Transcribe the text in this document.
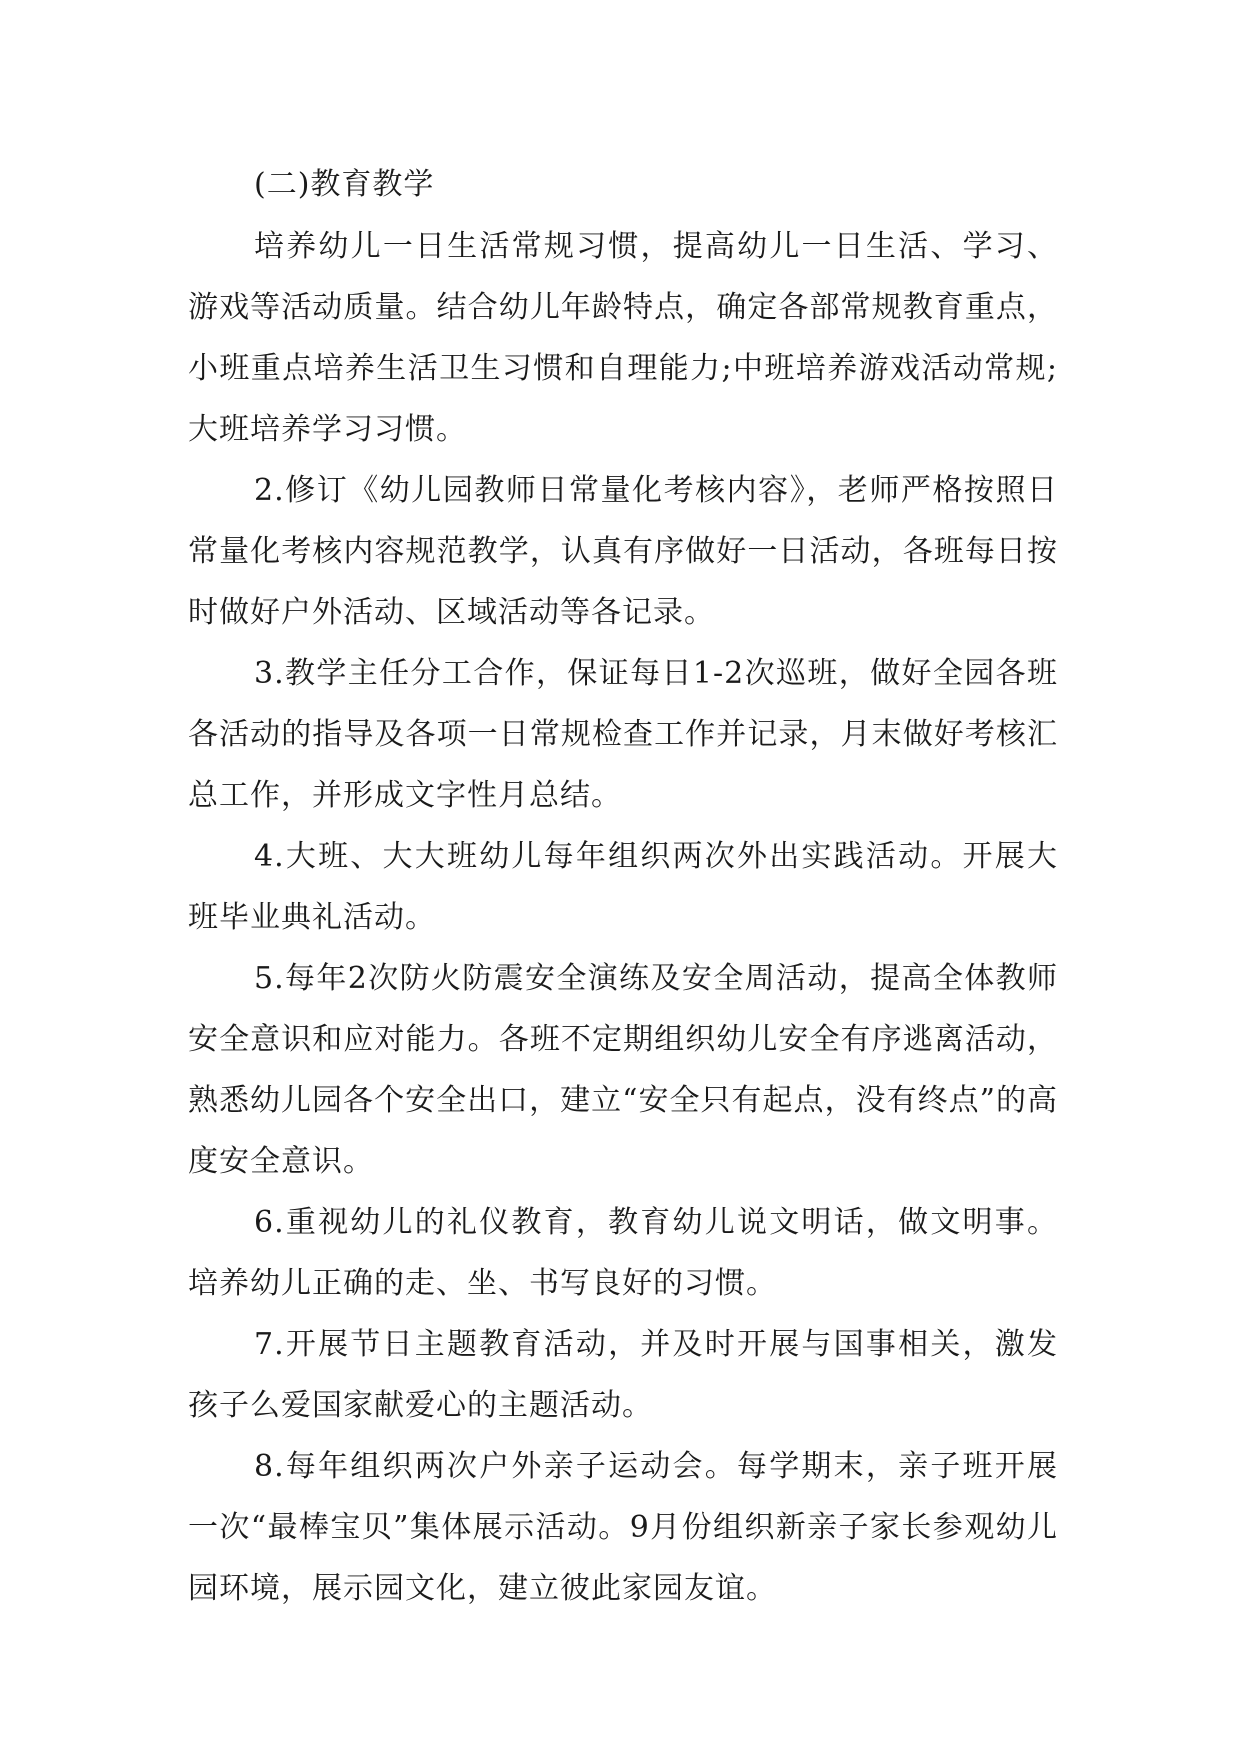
(二)教育教学

培养幼儿一日生活常规习惯，提高幼儿一日生活、学习、游戏等活动质量。结合幼儿年龄特点，确定各部常规教育重点，小班重点培养生活卫生习惯和自理能力;中班培养游戏活动常规;大班培养学习习惯。

2.修订《幼儿园教师日常量化考核内容》，老师严格按照日常量化考核内容规范教学，认真有序做好一日活动，各班每日按时做好户外活动、区域活动等各记录。

3.教学主任分工合作，保证每日1-2次巡班，做好全园各班各活动的指导及各项一日常规检查工作并记录，月末做好考核汇总工作，并形成文字性月总结。

4.大班、大大班幼儿每年组织两次外出实践活动。开展大班毕业典礼活动。

5.每年2次防火防震安全演练及安全周活动，提高全体教师安全意识和应对能力。各班不定期组织幼儿安全有序逃离活动，熟悉幼儿园各个安全出口，建立“安全只有起点，没有终点”的高度安全意识。

6.重视幼儿的礼仪教育，教育幼儿说文明话，做文明事。培养幼儿正确的走、坐、书写良好的习惯。

7.开展节日主题教育活动，并及时开展与国事相关，激发孩子么爱国家献爱心的主题活动。

8.每年组织两次户外亲子运动会。每学期末，亲子班开展一次“最棒宝贝”集体展示活动。9月份组织新亲子家长参观幼儿园环境，展示园文化，建立彼此家园友谊。
